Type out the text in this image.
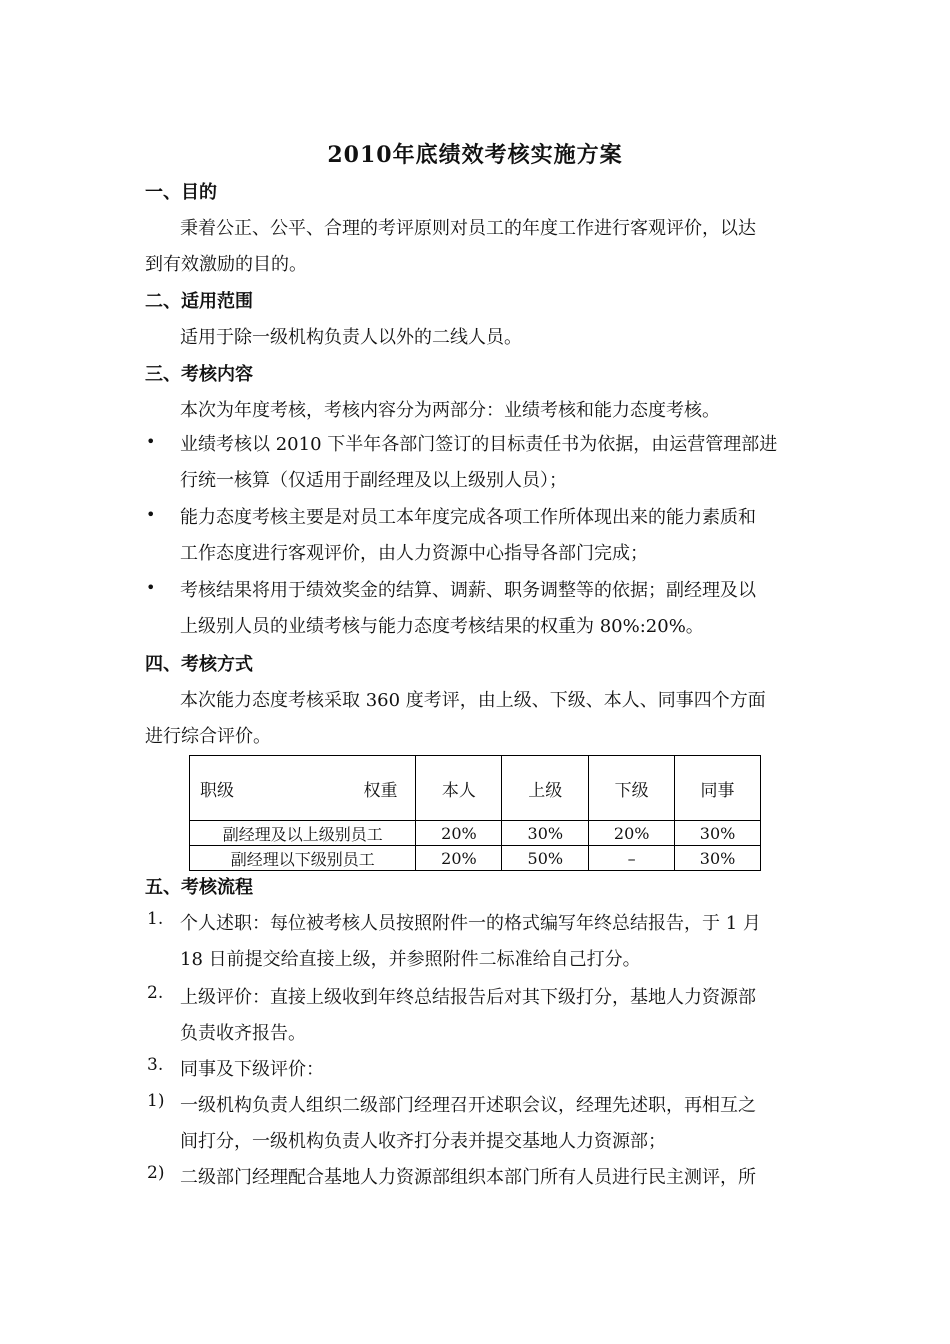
2010年底绩效考核实施方案
一、目的
秉着公正、公平、合理的考评原则对员工的年度工作进行客观评价，以达
到有效激励的目的。
二、适用范围
适用于除一级机构负责人以外的二线人员。
三、考核内容
本次为年度考核，考核内容分为两部分：业绩考核和能力态度考核。
• 业绩考核以 2010 下半年各部门签订的目标责任书为依据，由运营管理部进
行统一核算（仅适用于副经理及以上级别人员）；
• 能力态度考核主要是对员工本年度完成各项工作所体现出来的能力素质和
工作态度进行客观评价，由人力资源中心指导各部门完成；
• 考核结果将用于绩效奖金的结算、调薪、职务调整等的依据；副经理及以
上级别人员的业绩考核与能力态度考核结果的权重为 80%:20%。
四、考核方式
本次能力态度考核采取 360 度考评，由上级、下级、本人、同事四个方面
进行综合评价。
职级 权重	本人	上级	下级	同事
副经理及以上级别员工	20%	30%	20%	30%
副经理以下级别员工	20%	50%	–	30%
五、考核流程
1. 个人述职：每位被考核人员按照附件一的格式编写年终总结报告，于 1 月
18 日前提交给直接上级，并参照附件二标准给自己打分。
2. 上级评价：直接上级收到年终总结报告后对其下级打分，基地人力资源部
负责收齐报告。
3. 同事及下级评价：
1) 一级机构负责人组织二级部门经理召开述职会议，经理先述职，再相互之
间打分，一级机构负责人收齐打分表并提交基地人力资源部；
2) 二级部门经理配合基地人力资源部组织本部门所有人员进行民主测评，所
